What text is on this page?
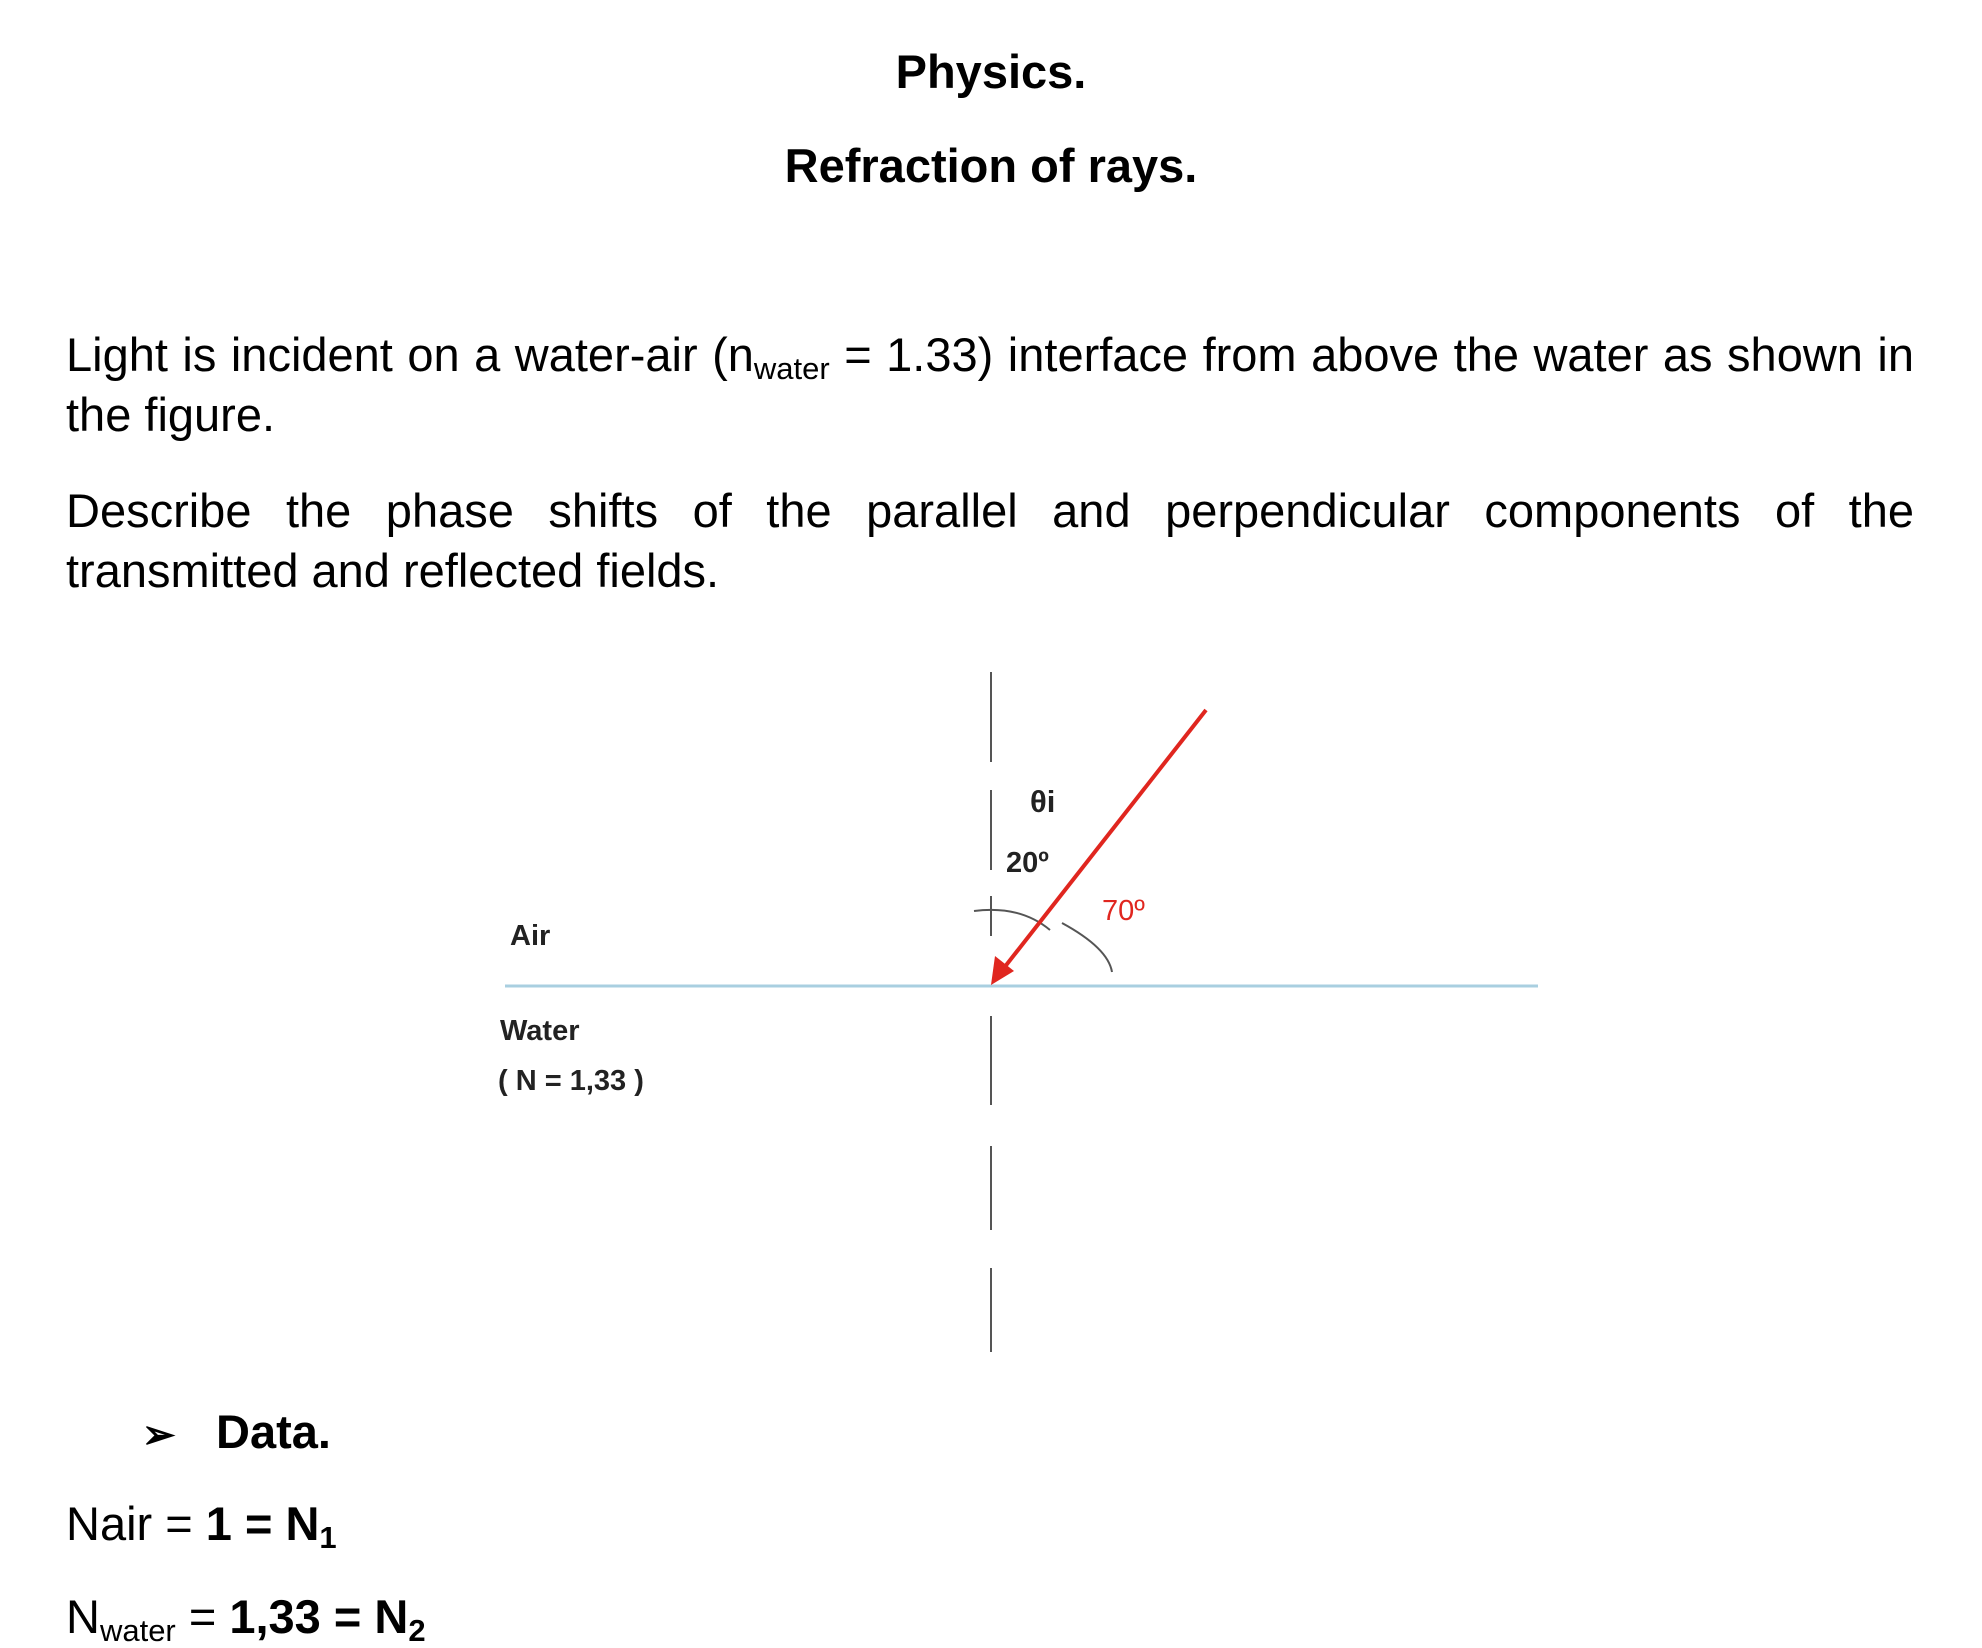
Physics.
Refraction of rays.
Light is incident on a water-air $(n_{water} = 1.33)$ interface from above the water as shown in the figure.
Describe the phase shifts of the parallel and perpendicular components of the transmitted and reflected fields.
Air
Water
( N = 1,33 )
θi
20º
70º
➢ Data.
Nair = $1 = N_1$
$N_{water} = 1,33 = N_2$
